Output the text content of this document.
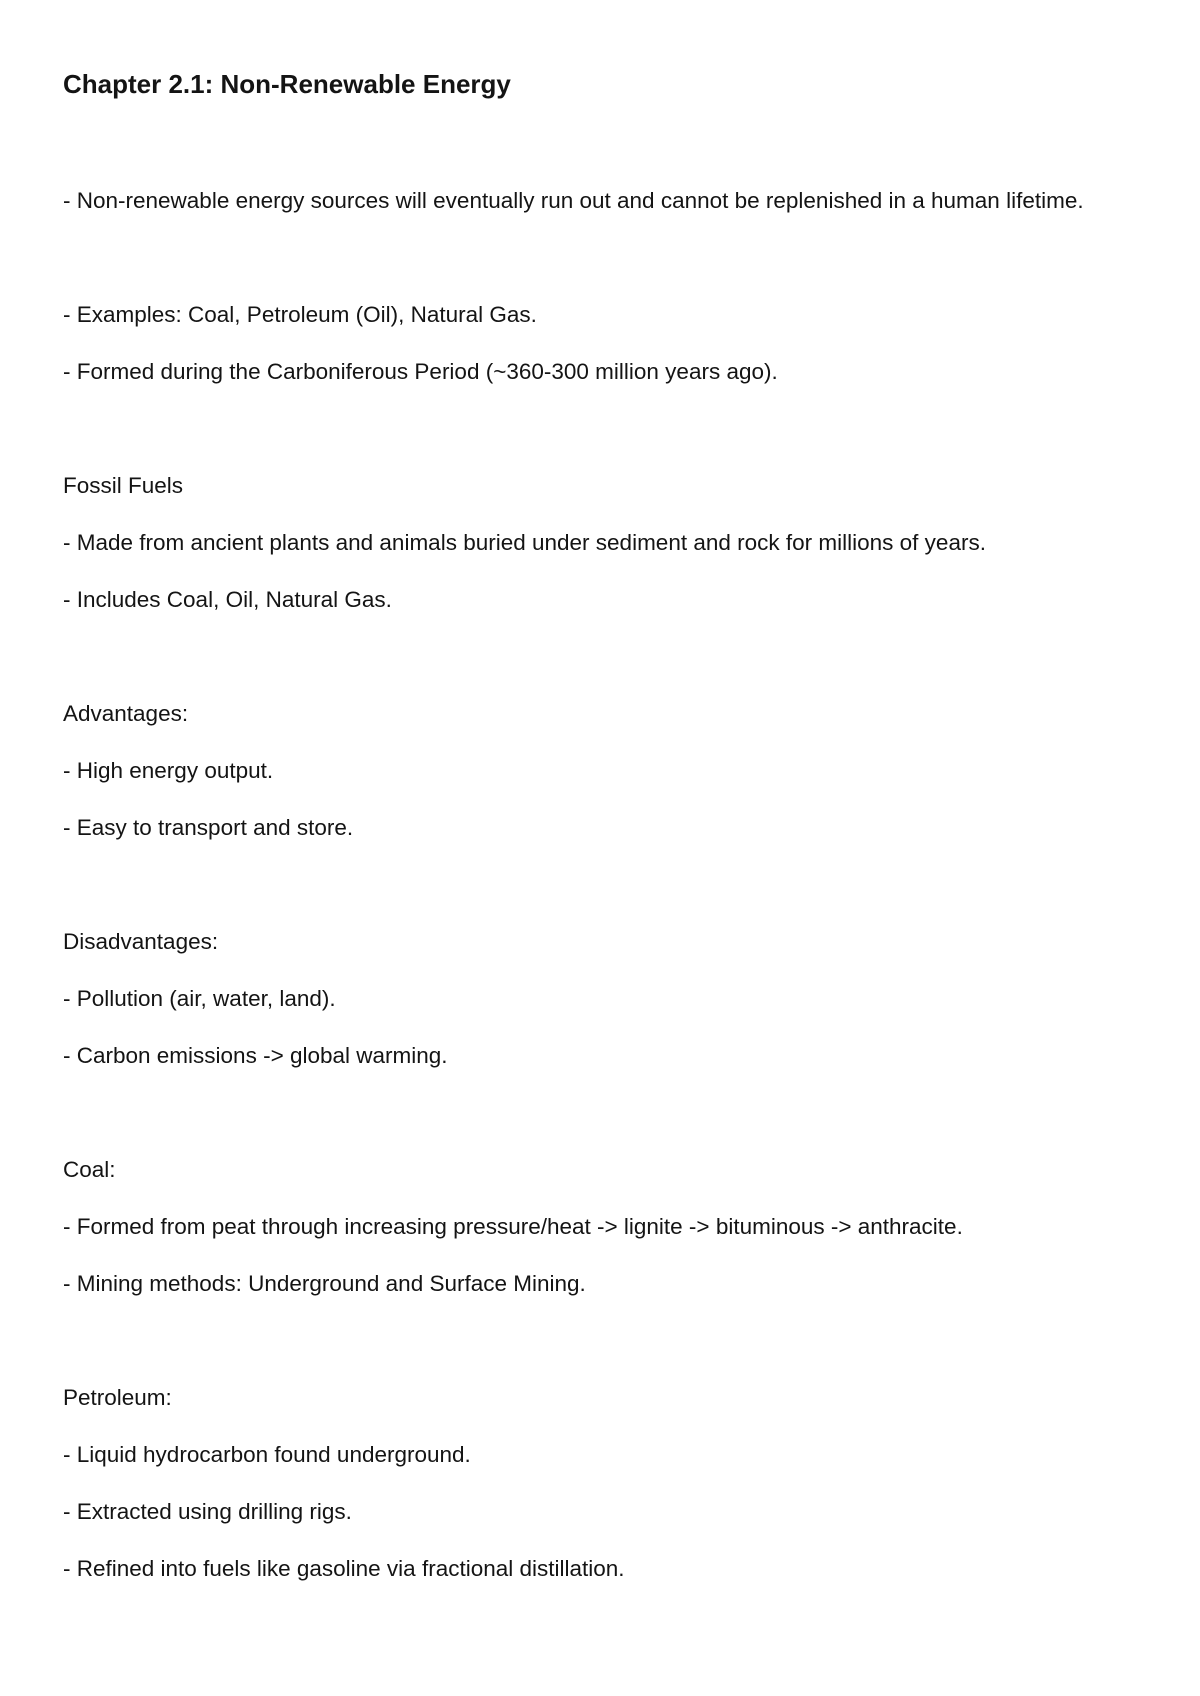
Chapter 2.1: Non-Renewable Energy
- Non-renewable energy sources will eventually run out and cannot be replenished in a human lifetime.
- Examples: Coal, Petroleum (Oil), Natural Gas.
- Formed during the Carboniferous Period (~360-300 million years ago).
Fossil Fuels
- Made from ancient plants and animals buried under sediment and rock for millions of years.
- Includes Coal, Oil, Natural Gas.
Advantages:
- High energy output.
- Easy to transport and store.
Disadvantages:
- Pollution (air, water, land).
- Carbon emissions -> global warming.
Coal:
- Formed from peat through increasing pressure/heat -> lignite -> bituminous -> anthracite.
- Mining methods: Underground and Surface Mining.
Petroleum:
- Liquid hydrocarbon found underground.
- Extracted using drilling rigs.
- Refined into fuels like gasoline via fractional distillation.
